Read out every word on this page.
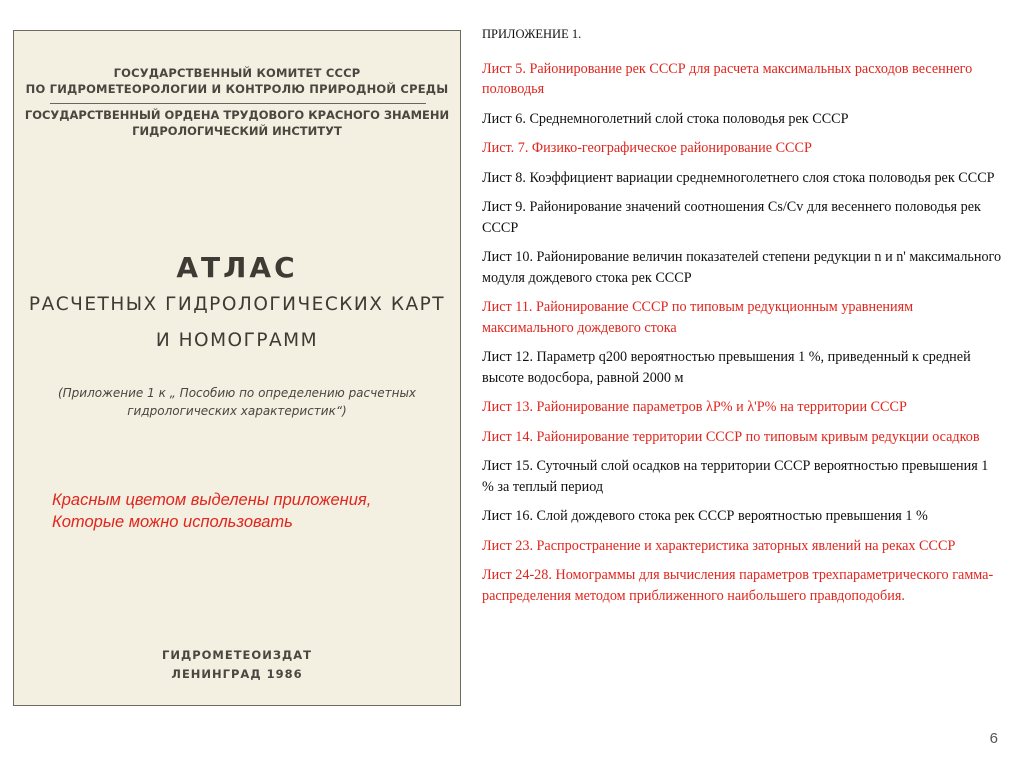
ГОСУДАРСТВЕННЫЙ КОМИТЕТ СССР
ПО ГИДРОМЕТЕОРОЛОГИИ И КОНТРОЛЮ ПРИРОДНОЙ СРЕДЫ
ГОСУДАРСТВЕННЫЙ ОРДЕНА ТРУДОВОГО КРАСНОГО ЗНАМЕНИ
ГИДРОЛОГИЧЕСКИЙ ИНСТИТУТ
АТЛАС
РАСЧЕТНЫХ ГИДРОЛОГИЧЕСКИХ КАРТ
И НОМОГРАММ
(Приложение 1 к „ Пособию по определению расчетных
гидрологических характеристик“)
Красным цветом выделены приложения,
Которые можно использовать
ГИДРОМЕТЕОИЗДАТ
ЛЕНИНГРАД 1986
ПРИЛОЖЕНИЕ 1.
Лист 5. Районирование рек СССР для расчета максимальных расходов весеннего половодья
Лист 6. Среднемноголетний слой стока половодья рек СССР
Лист. 7. Физико-географическое районирование СССР
Лист 8. Коэффициент вариации среднемноголетнего слоя стока половодья рек СССР
Лист 9. Районирование значений соотношения Cs/Cv для весеннего половодья рек СССР
Лист 10. Районирование величин показателей степени редукции n и n' максимального модуля дождевого стока рек СССР
Лист 11. Районирование СССР по типовым редукционным уравнениям максимального дождевого стока
Лист 12. Параметр q200 вероятностью превышения 1 %, приведенный к средней высоте водосбора, равной 2000 м
Лист 13. Районирование параметров λP% и λ'P% на территории СССР
Лист 14. Районирование территории СССР по типовым кривым редукции осадков
Лист 15. Суточный слой осадков на территории СССР вероятностью превышения 1 % за теплый период
Лист 16. Слой дождевого стока рек СССР вероятностью превышения 1 %
Лист 23. Распространение и характеристика заторных явлений на реках СССР
Лист 24-28. Номограммы для вычисления параметров трехпараметрического гамма-распределения методом приближенного наибольшего правдоподобия.
6
